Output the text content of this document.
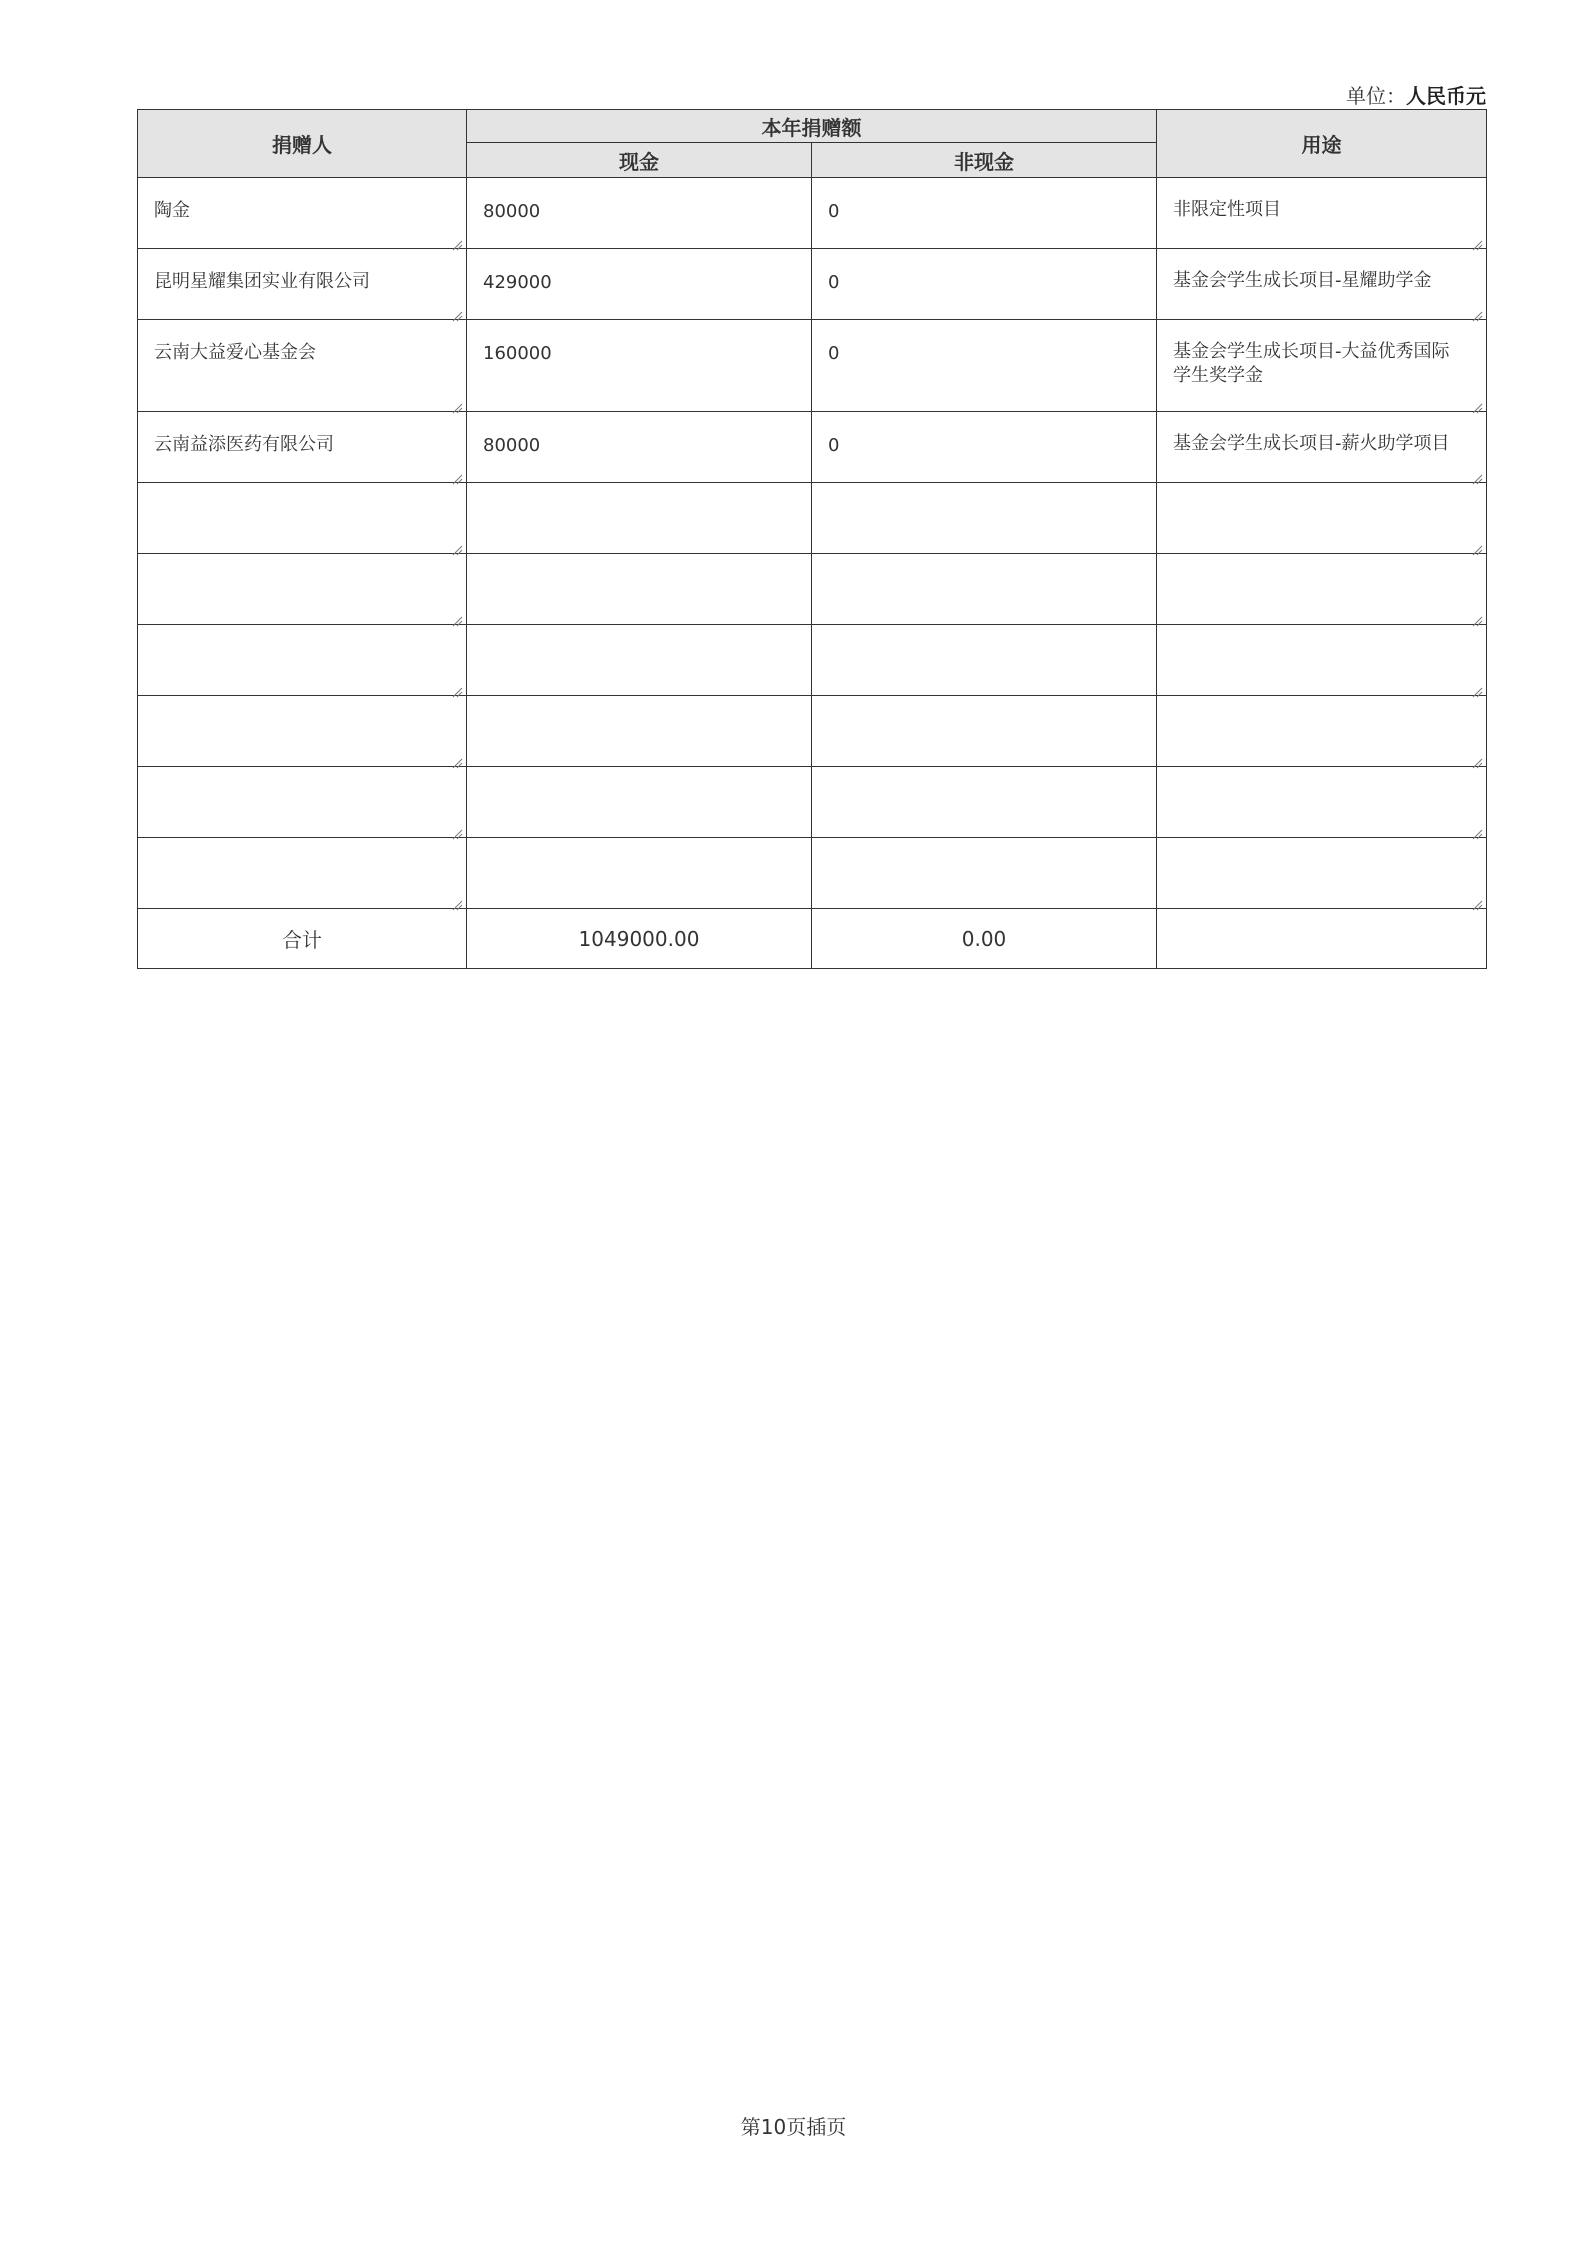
单位：人民币元
捐赠人	本年捐赠额		用途
	现金	非现金	

陶金	80000	0	非限定性项目

昆明星耀集团实业有限公司	429000	0	基金会学生成长项目-星耀助学金

云南大益爱心基金会	160000	0	基金会学生成长项目-大益优秀国际学生奖学金

云南益添医药有限公司	80000	0	基金会学生成长项目-薪火助学项目

合计	1049000.00	0.00	
第10页插页
